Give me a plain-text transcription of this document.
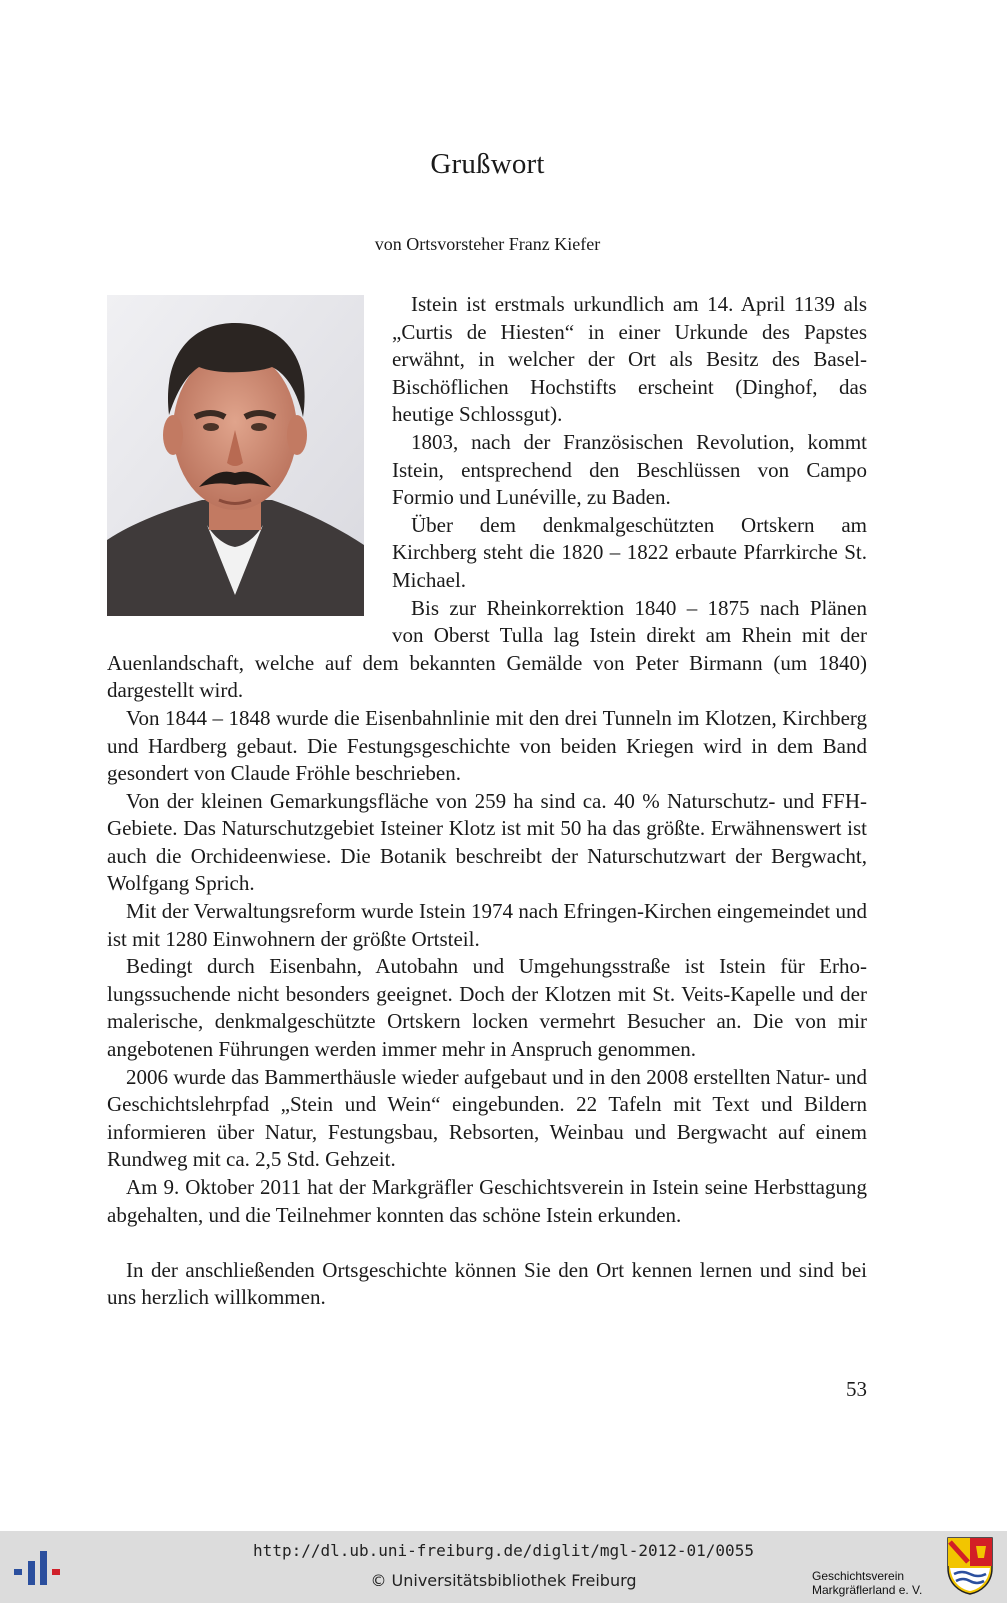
Grußwort
von Ortsvorsteher Franz Kiefer

Istein ist erstmals urkundlich am 14. April 1139 als „Curtis de Hiesten“ in einer Urkunde des Papstes erwähnt, in welcher der Ort als Besitz des Basel-Bischöflichen Hochstifts erscheint (Dinghof, das heutige Schlossgut).

1803, nach der Französischen Revolution, kommt Istein, entsprechend den Beschlüssen von Campo Formio und Lunéville, zu Baden.

Über dem denkmalgeschützten Ortskern am Kirchberg steht die 1820 – 1822 erbaute Pfarrkirche St. Michael.

Bis zur Rheinkorrektion 1840 – 1875 nach Plänen von Oberst Tulla lag Istein direkt am Rhein mit der Auenlandschaft, welche auf dem bekannten Gemälde von Peter Birmann (um 1840) dargestellt wird.

Von 1844 – 1848 wurde die Eisenbahnlinie mit den drei Tunneln im Klotzen, Kirchberg und Hardberg gebaut. Die Festungsgeschichte von beiden Kriegen wird in dem Band gesondert von Claude Fröhle beschrieben.

Von der kleinen Gemarkungsfläche von 259 ha sind ca. 40 % Naturschutz- und FFH-Gebiete. Das Naturschutzgebiet Isteiner Klotz ist mit 50 ha das größte. Erwähnenswert ist auch die Orchideenwiese. Die Botanik beschreibt der Naturschutzwart der Bergwacht, Wolfgang Sprich.

Mit der Verwaltungsreform wurde Istein 1974 nach Efringen-Kirchen eingemeindet und ist mit 1280 Einwohnern der größte Ortsteil.

Bedingt durch Eisenbahn, Autobahn und Umgehungsstraße ist Istein für Erholungssuchende nicht besonders geeignet. Doch der Klotzen mit St. Veits-Kapelle und der malerische, denkmalgeschützte Ortskern locken vermehrt Besucher an. Die von mir angebotenen Führungen werden immer mehr in Anspruch genommen.

2006 wurde das Bammerthäusle wieder aufgebaut und in den 2008 erstellten Natur- und Geschichtslehrpfad „Stein und Wein“ eingebunden. 22 Tafeln mit Text und Bildern informieren über Natur, Festungsbau, Rebsorten, Weinbau und Bergwacht auf einem Rundweg mit ca. 2,5 Std. Gehzeit.

Am 9. Oktober 2011 hat der Markgräfler Geschichtsverein in Istein seine Herbsttagung abgehalten, und die Teilnehmer konnten das schöne Istein erkunden.

In der anschließenden Ortsgeschichte können Sie den Ort kennen lernen und sind bei uns herzlich willkommen.

53
http://dl.ub.uni-freiburg.de/diglit/mgl-2012-01/0055
© Universitätsbibliothek Freiburg	Geschichtsverein
Markgräflerland e. V.
